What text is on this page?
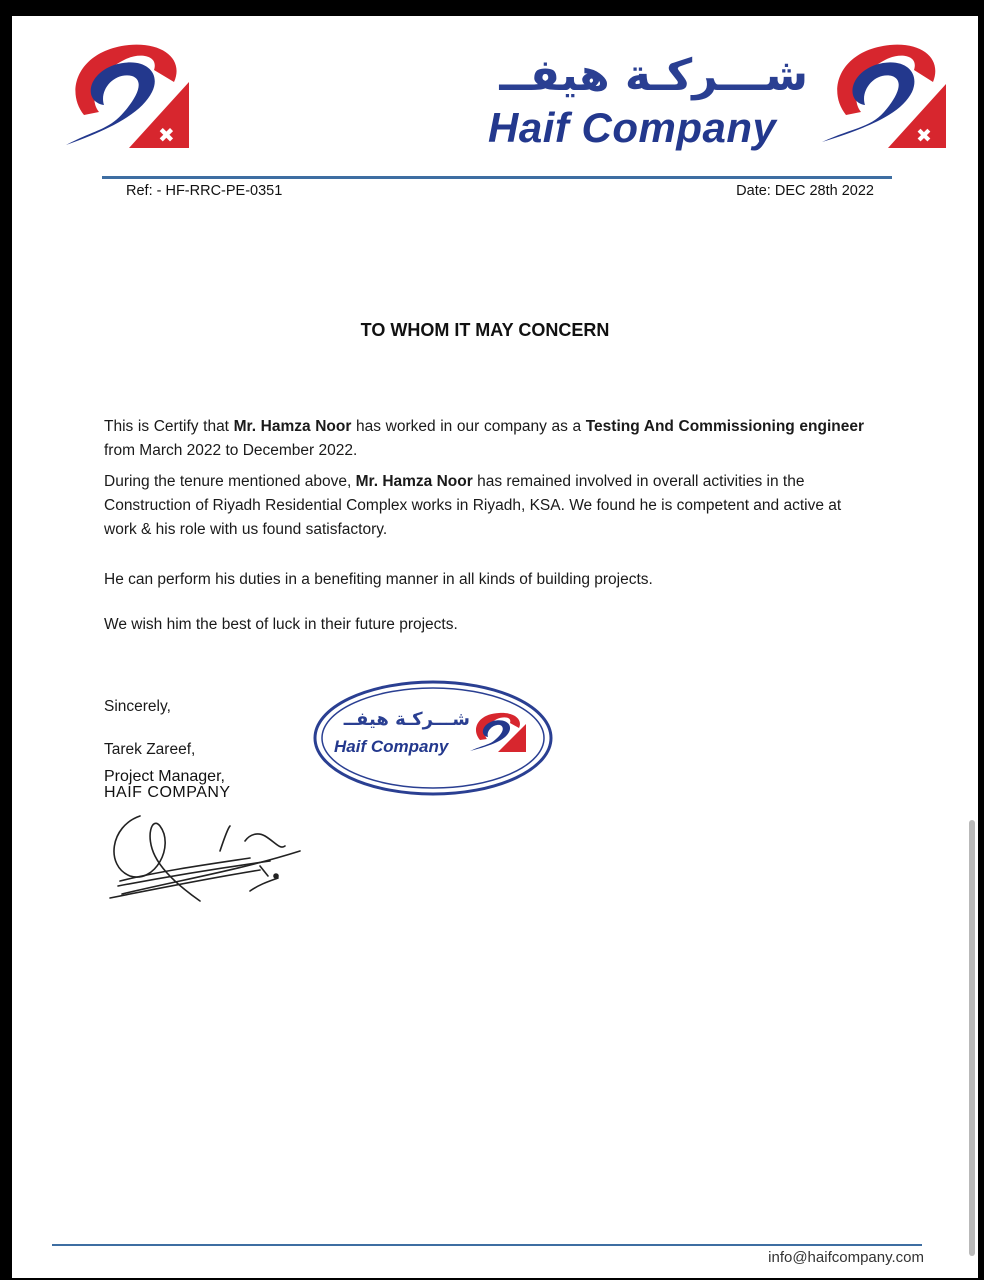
✖	✖
شـــركـة هيفــ
Haif Company
Ref: - HF-RRC-PE-0351	Date: DEC 28th 2022
TO WHOM IT MAY CONCERN
This is Certify that Mr. Hamza Noor has worked in our company as a Testing And Commissioning engineer from March 2022 to December 2022.
During the tenure mentioned above, Mr. Hamza Noor has remained involved in overall activities in the Construction of Riyadh Residential Complex works in Riyadh, KSA. We found he is competent and active at work & his role with us found satisfactory.
He can perform his duties in a benefiting manner in all kinds of building projects.
We wish him the best of luck in their future projects.
Sincerely,
Tarek Zareef,
Project Manager,
HAIF COMPANY
شـــركـة هيفــ
Haif Company
info@haifcompany.com
